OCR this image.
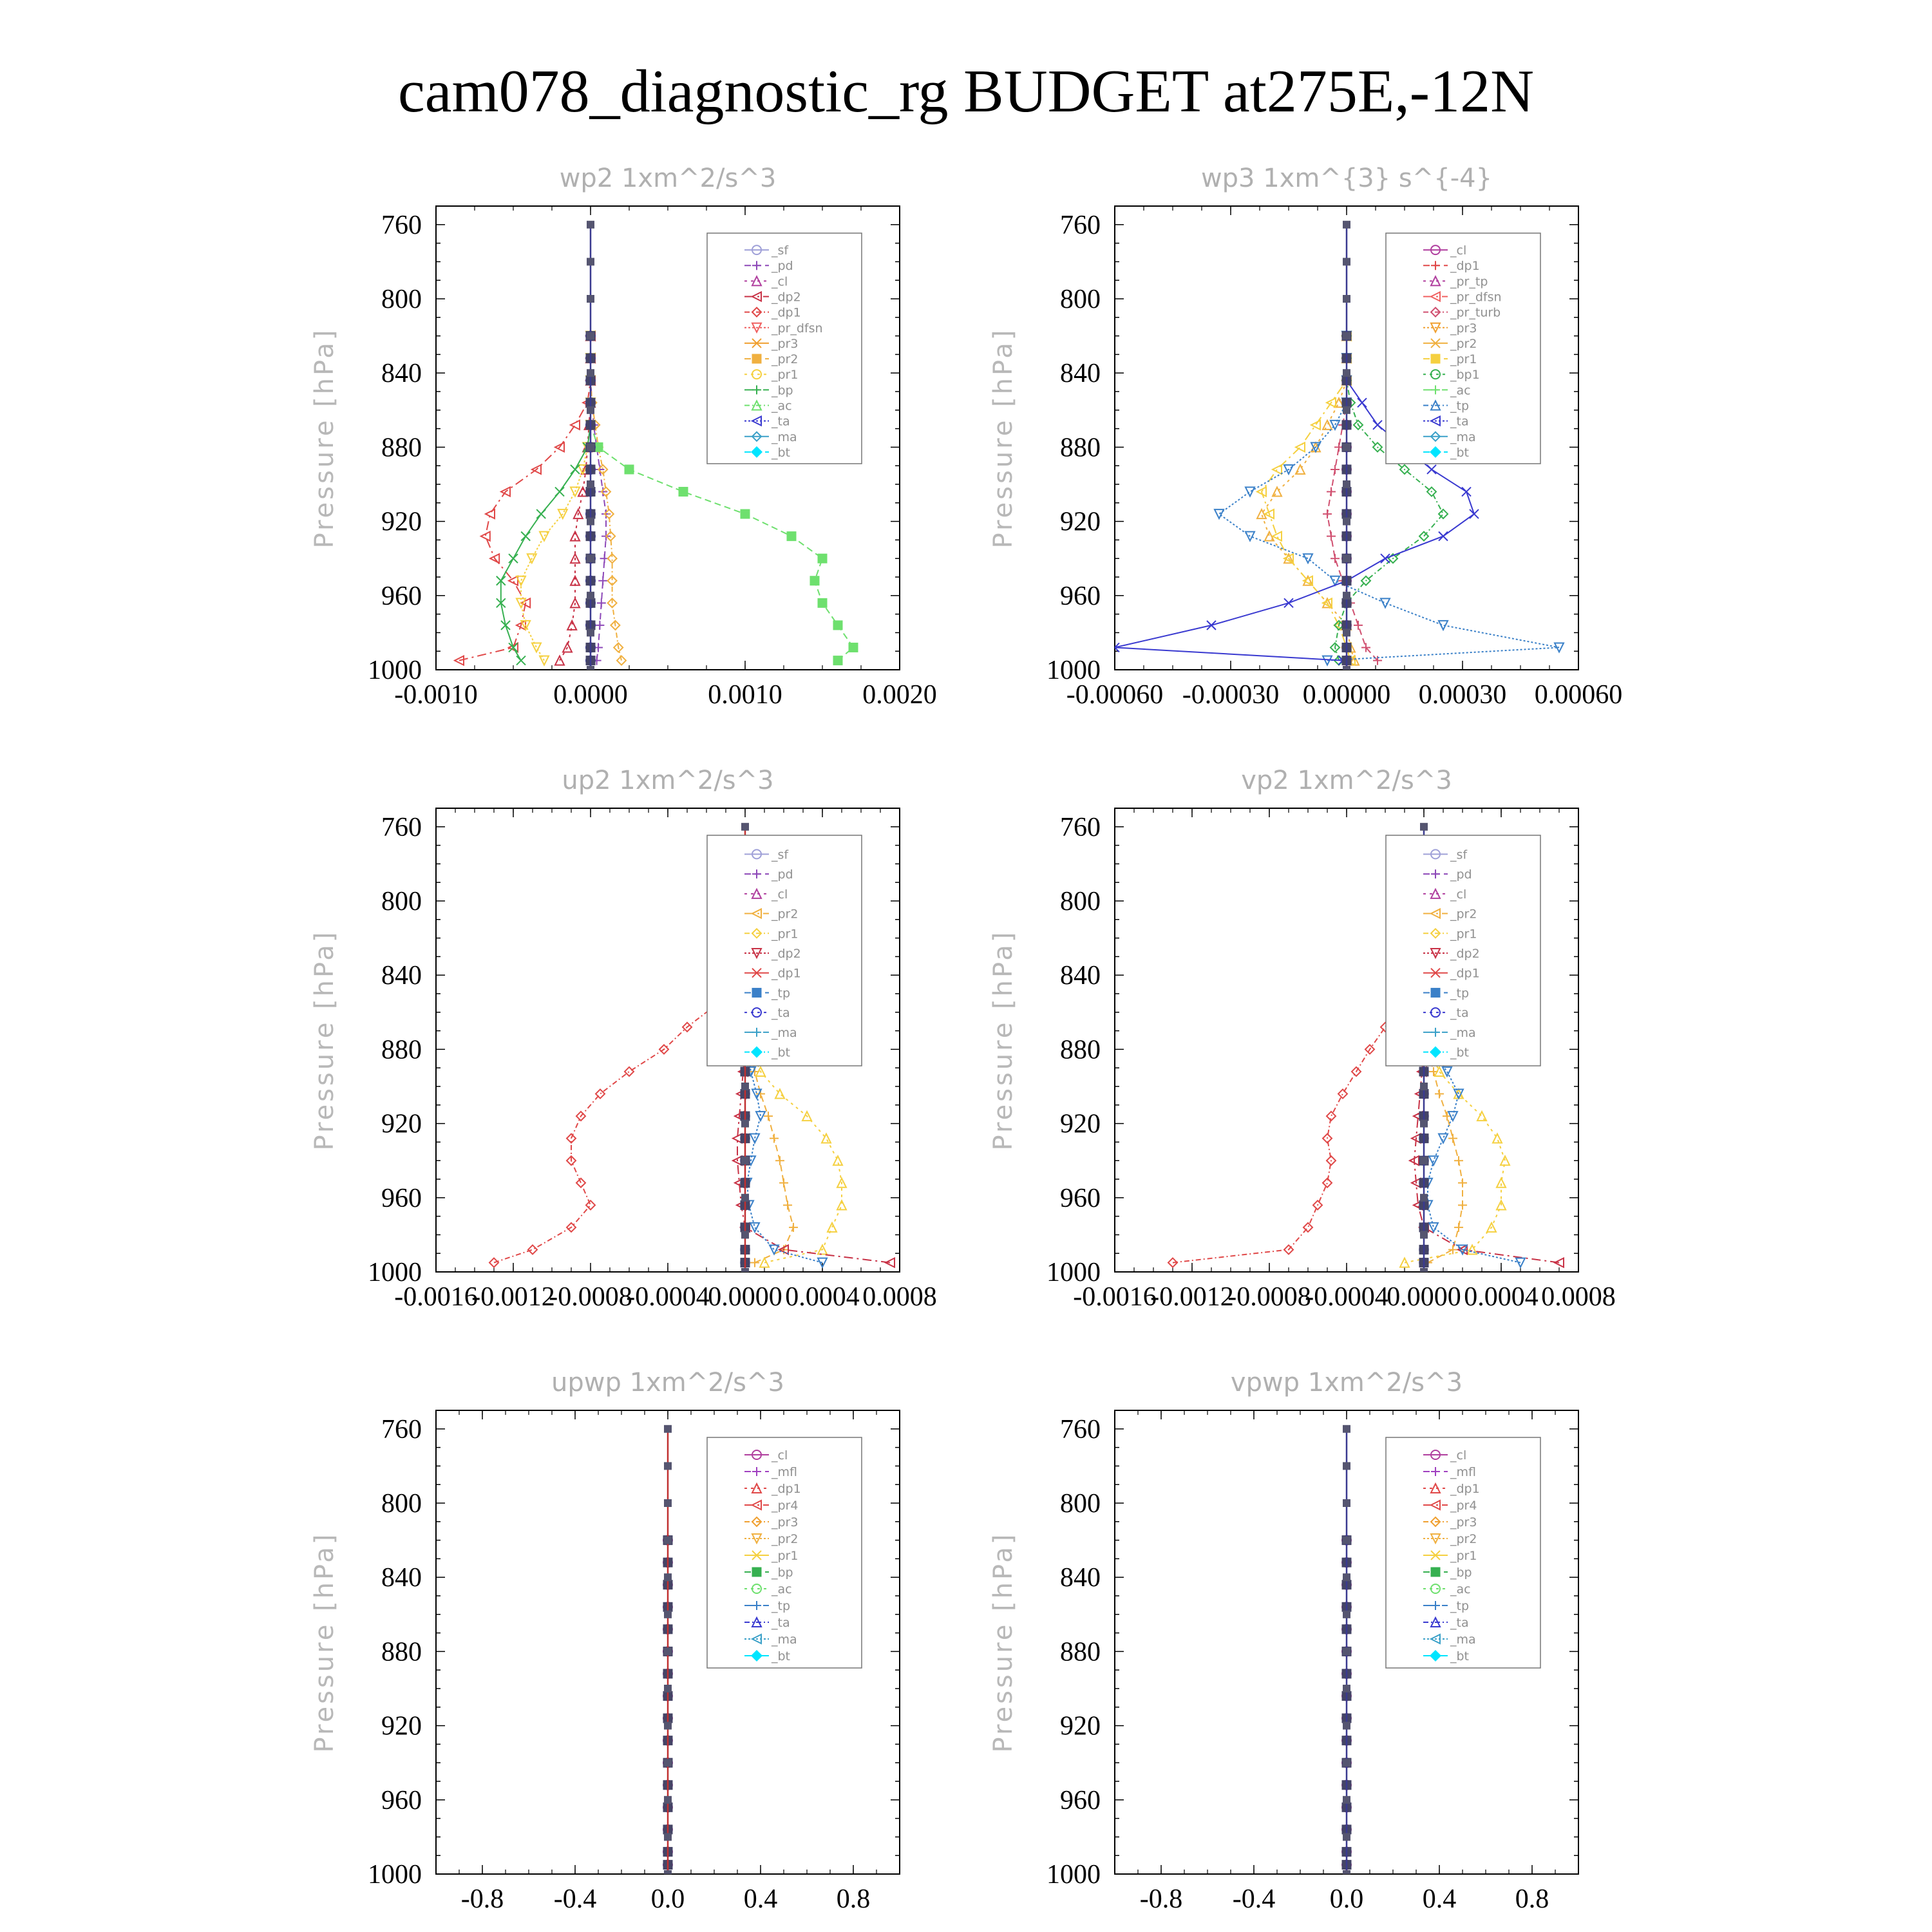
cam078_diagnostic_rg BUDGET at275E,-12N
wp2 1xm^2/s^3
Pressure [hPa]
760
800
840
880
920
960
1000
-0.0010	0.0000	0.0010	0.0020
_sf
_pd
_cl
_dp2
_dp1
_pr_dfsn
_pr3
_pr2
_pr1
_bp
_ac
_ta
_ma
_bt
wp3 1xm^{3} s^{-4}
Pressure [hPa]
760
800
840
880
920
960
1000
-0.00060 -0.00030 0.00000 0.00030 0.00060
_cl
_dp1
_pr_tp
_pr_dfsn
_pr_turb
_pr3
_pr2
_pr1
_bp1
_ac
_tp
_ta
_ma
_bt
up2 1xm^2/s^3
Pressure [hPa]
760
800
840
880
920
960
1000
-0.0016
-0.0012
-0.0008
-0.0004
0.0000 0.0004 0.0008
_sf
_pd
_cl
_pr2
_pr1
_dp2
_dp1
_tp
_ta
_ma
_bt
vp2 1xm^2/s^3
Pressure [hPa]
760
800
840
880
920
960
1000
-0.0016
-0.0012
-0.0008
-0.0004
0.0000 0.0004 0.0008
_sf
_pd
_cl
_pr2
_pr1
_dp2
_dp1
_tp
_ta
_ma
_bt
upwp 1xm^2/s^3
Pressure [hPa]
760
800
840
880
920
960
1000
-0.8 -0.4 0.0 0.4 0.8
_cl
_mfl
_dp1
_pr4
_pr3
_pr2
_pr1
_bp
_ac
_tp
_ta
_ma
_bt
vpwp 1xm^2/s^3
Pressure [hPa]
760
800
840
880
920
960
1000
-0.8 -0.4 0.0 0.4 0.8
_cl
_mfl
_dp1
_pr4
_pr3
_pr2
_pr1
_bp
_ac
_tp
_ta
_ma
_bt
